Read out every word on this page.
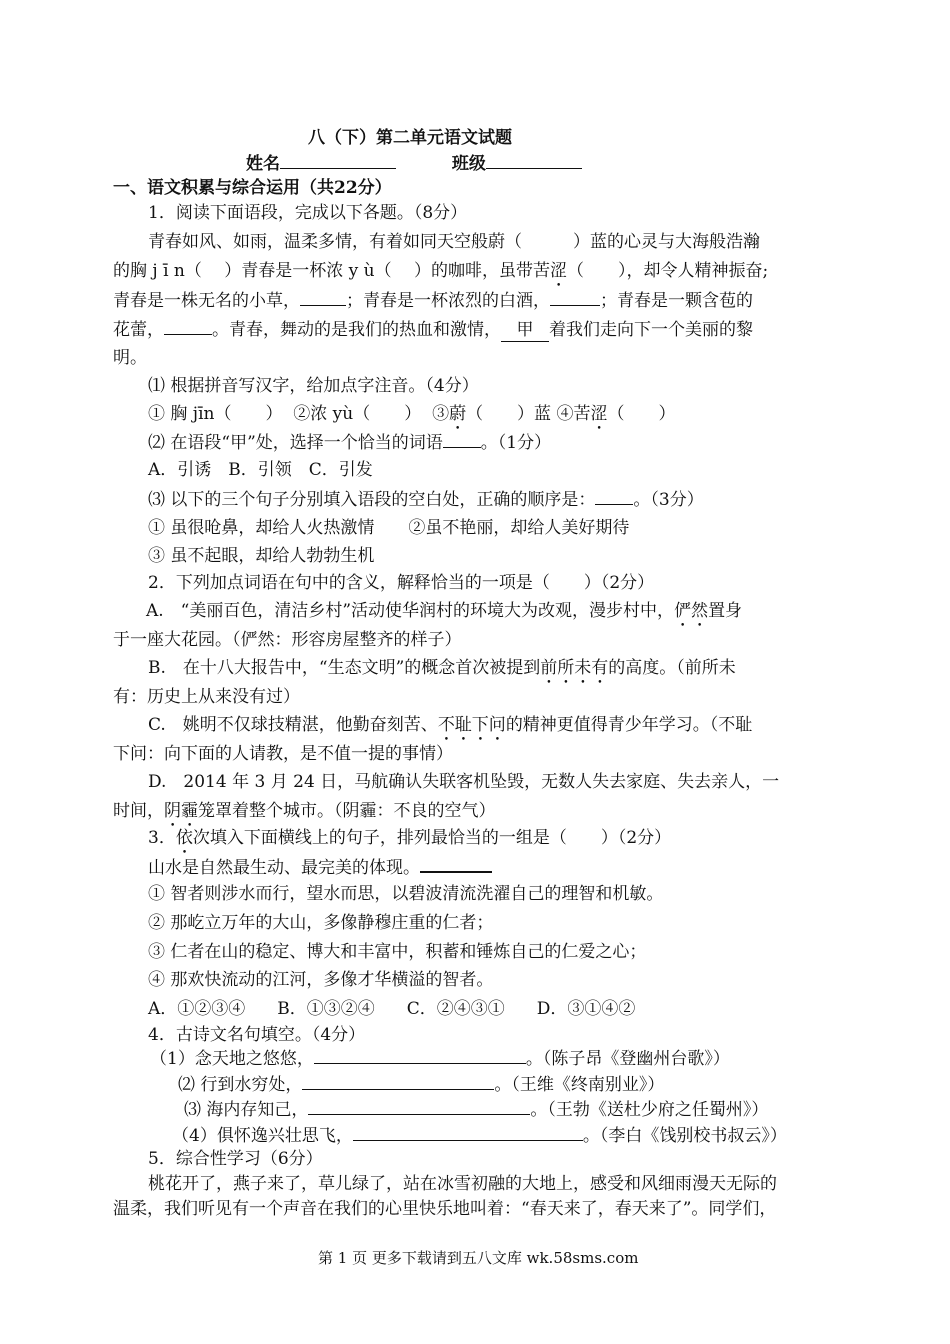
八（下）第二单元语文试题
姓名	班级
一、语文积累与综合运用（共22分）
1．阅读下面语段，完成以下各题。（8分）
青春如风、如雨，温柔多情，有着如同天空般蔚（　　　）蓝的心灵与大海般浩瀚
的胸 j ī n（　 ）青春是一杯浓 y ù（　 ）的咖啡，虽带苦涩（　　），却令人精神振奋;
青春是一株无名的小草，	；青春是一杯浓烈的白酒，	；青春是一颗含苞的
花蕾，	。青春，舞动的是我们的热血和激情， 甲 着我们走向下一个美丽的黎
明。
⑴ 根据拼音写汉字，给加点字注音。（4分）
① 胸 jīn（　　） ②浓 yù（　　） ③蔚（　　）蓝 ④苦涩（　　）
⑵ 在语段“甲”处，选择一个恰当的词语 。（1分）
A．引诱　B．引领　C．引发
⑶ 以下的三个句子分别填入语段的空白处，正确的顺序是： 。（3分）
① 虽很呛鼻，却给人火热激情　　②虽不艳丽，却给人美好期待
③ 虽不起眼，却给人勃勃生机
2．下列加点词语在句中的含义，解释恰当的一项是（　　）（2分）
A.　“美丽百色，清洁乡村”活动使华润村的环境大为改观，漫步村中，俨然置身
于一座大花园。（俨然：形容房屋整齐的样子）
B.　在十八大报告中，“生态文明”的概念首次被提到前所未有的高度。（前所未
有：历史上从来没有过）
C.　姚明不仅球技精湛，他勤奋刻苦、不耻下问的精神更值得青少年学习。（不耻
下问：向下面的人请教，是不值一提的事情）
D.　2014 年 3 月 24 日，马航确认失联客机坠毁，无数人失去家庭、失去亲人，一
时间，阴霾笼罩着整个城市。（阴霾：不良的空气）
3．依次填入下面横线上的句子，排列最恰当的一组是（　　）（2分）
山水是自然最生动、最完美的体现。
① 智者则涉水而行，望水而思，以碧波清流洗濯自己的理智和机敏。
② 那屹立万年的大山，多像静穆庄重的仁者；
③ 仁者在山的稳定、博大和丰富中，积蓄和锤炼自己的仁爱之心；
④ 那欢快流动的江河，多像才华横溢的智者。
A．①②③④ B．①③②④ C．②④③① D．③①④②
4．古诗文名句填空。（4分）
（1）念天地之悠悠，	。（陈子昂《登幽州台歌》）
⑵ 行到水穷处，	。（王维《终南别业》）
⑶ 海内存知己，	。（王勃《送杜少府之任蜀州》）
（4）俱怀逸兴壮思飞，	。（李白《饯别校书叔云》）
5．综合性学习（6分）
桃花开了，燕子来了，草儿绿了，站在冰雪初融的大地上，感受和风细雨漫天无际的
温柔，我们听见有一个声音在我们的心里快乐地叫着：“春天来了，春天来了”。同学们，
第 1 页 更多下载请到五八文库 wk.58sms.com
